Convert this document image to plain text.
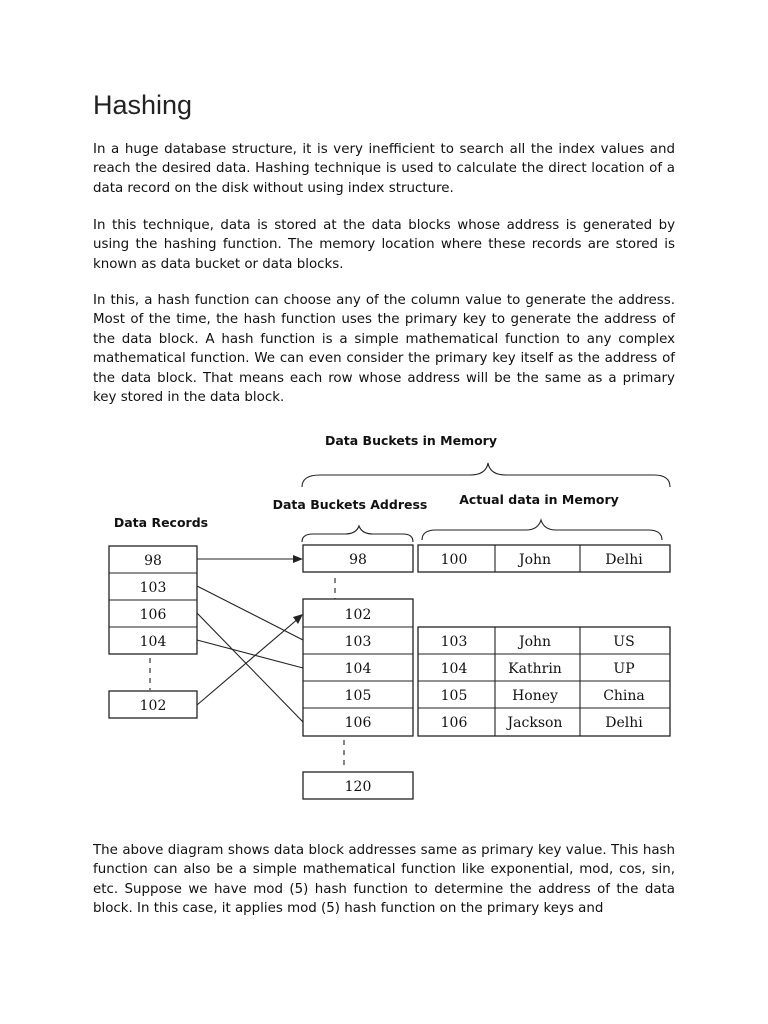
Hashing

In a huge database structure, it is very inefficient to search all the index values and reach the desired data. Hashing technique is used to calculate the direct location of a data record on the disk without using index structure.

In this technique, data is stored at the data blocks whose address is generated by using the hashing function. The memory location where these records are stored is known as data bucket or data blocks.

In this, a hash function can choose any of the column value to generate the address. Most of the time, the hash function uses the primary key to generate the address of the data block. A hash function is a simple mathematical function to any complex mathematical function. We can even consider the primary key itself as the address of the data block. That means each row whose address will be the same as a primary key stored in the data block.

Data Buckets in Memory
Data Records
Data Buckets Address	Actual data in Memory
98
103
106
104
102
98	100	John	Delhi
102
103
104
105
106
103	John	US
104	Kathrin	UP
105	Honey	China
106	Jackson	Delhi
120

The above diagram shows data block addresses same as primary key value. This hash function can also be a simple mathematical function like exponential, mod, cos, sin, etc. Suppose we have mod (5) hash function to determine the address of the data block. In this case, it applies mod (5) hash function on the primary keys and
